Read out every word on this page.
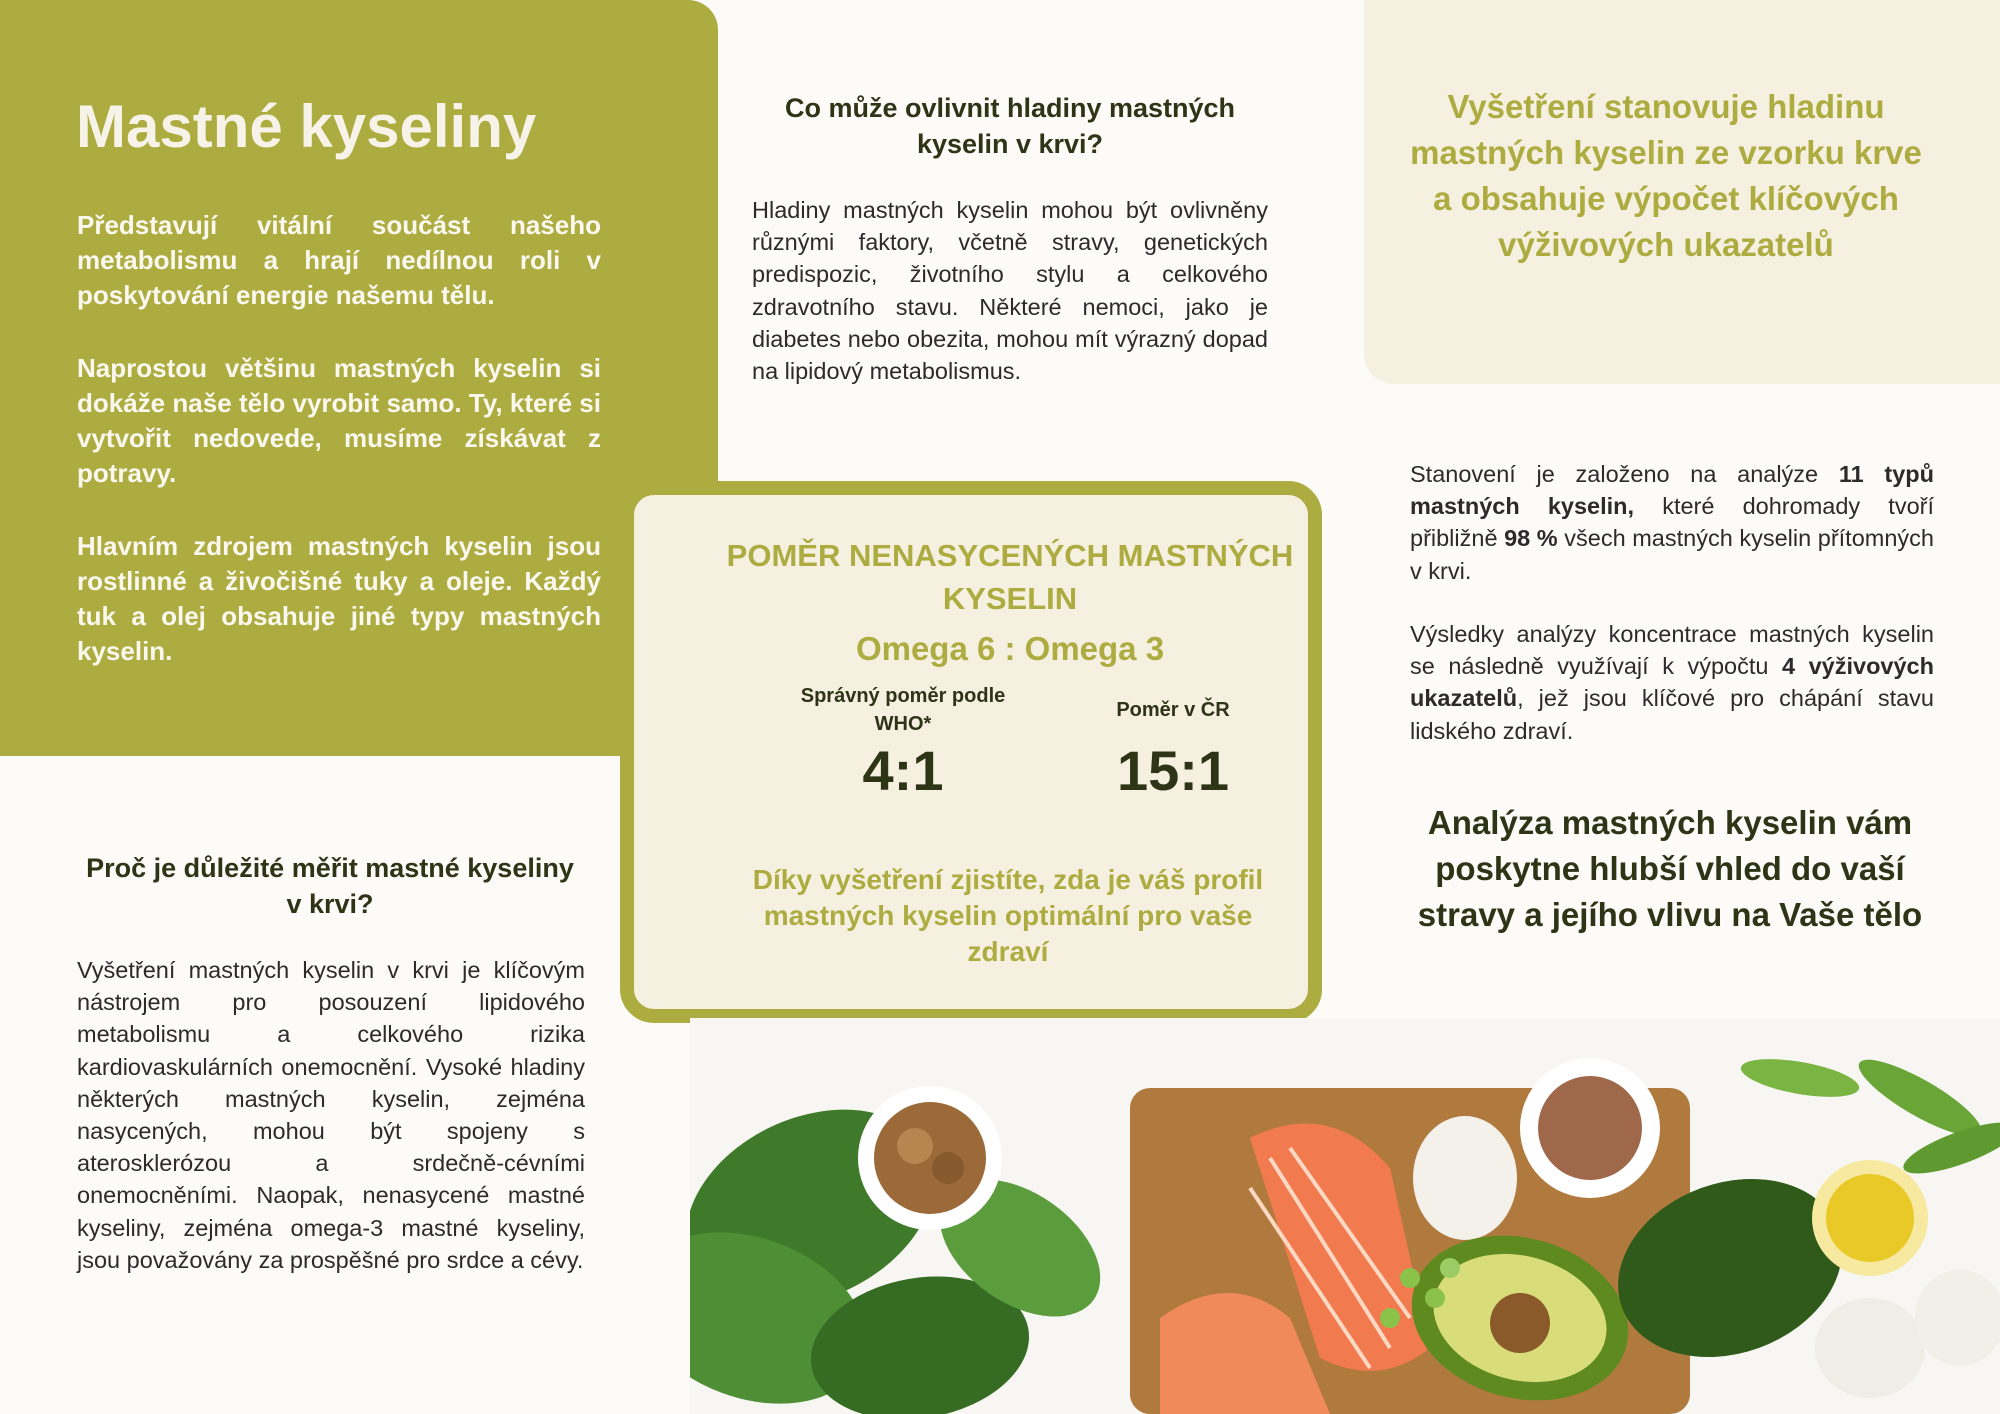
Mastné kyseliny

Představují vitální součást našeho metabolismu a hrají nedílnou roli v poskytování energie našemu tělu.

Naprostou většinu mastných kyselin si dokáže naše tělo vyrobit samo. Ty, které si vytvořit nedovede, musíme získávat z potravy.

Hlavním zdrojem mastných kyselin jsou rostlinné a živočišné tuky a oleje. Každý tuk a olej obsahuje jiné typy mastných kyselin.

Co může ovlivnit hladiny mastných kyselin v krvi?

Hladiny mastných kyselin mohou být ovlivněny různými faktory, včetně stravy, genetických predispozic, životního stylu a celkového zdravotního stavu. Některé nemoci, jako je diabetes nebo obezita, mohou mít výrazný dopad na lipidový metabolismus.

Vyšetření stanovuje hladinu mastných kyselin ze vzorku krve a obsahuje výpočet klíčových výživových ukazatelů

Stanovení je založeno na analýze 11 typů mastných kyselin, které dohromady tvoří přibližně 98 % všech mastných kyselin přítomných v krvi.

Výsledky analýzy koncentrace mastných kyselin se následně využívají k výpočtu 4 výživových ukazatelů, jež jsou klíčové pro chápání stavu lidského zdraví.

POMĚR NENASYCENÝCH MASTNÝCH KYSELIN

Omega 6 : Omega 3

Správný poměr podle WHO*

4:1

Poměr v ČR

15:1

Díky vyšetření zjistíte, zda je váš profil mastných kyselin optimální pro vaše zdraví

Proč je důležité měřit mastné kyseliny v krvi?

Vyšetření mastných kyselin v krvi je klíčovým nástrojem pro posouzení lipidového metabolismu a celkového rizika kardiovaskulárních onemocnění. Vysoké hladiny některých mastných kyselin, zejména nasycených, mohou být spojeny s aterosklerózou a srdečně-cévními onemocněními. Naopak, nenasycené mastné kyseliny, zejména omega-3 mastné kyseliny, jsou považovány za prospěšné pro srdce a cévy.

Analýza mastných kyselin vám poskytne hlubší vhled do vaší stravy a jejího vlivu na Vaše tělo
